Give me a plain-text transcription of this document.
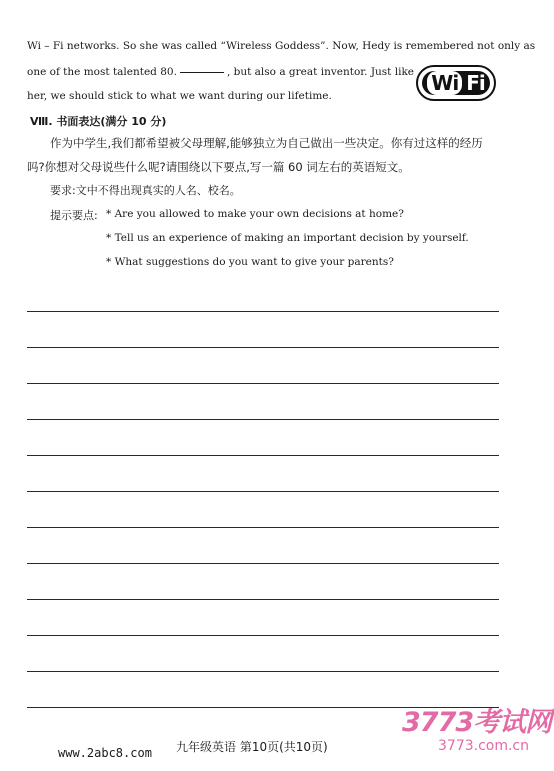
Wi – Fi networks. So she was called “Wireless Goddess”. Now, Hedy is remembered not only as
one of the most talented 80.	, but also a great inventor. Just like
her, we should stick to what we want during our lifetime.
Wi Fi
Ⅷ. 书面表达(满分 10 分)
作为中学生,我们都希望被父母理解,能够独立为自己做出一些决定。你有过这样的经历
吗?你想对父母说些什么呢?请围绕以下要点,写一篇 60 词左右的英语短文。
要求:文中不得出现真实的人名、校名。
提示要点: * Are you allowed to make your own decisions at home?
* Tell us an experience of making an important decision by yourself.
* What suggestions do you want to give your parents?
www.2abc8.com 九年级英语 第10页(共10页)
3773考试网
3773.com.cn
